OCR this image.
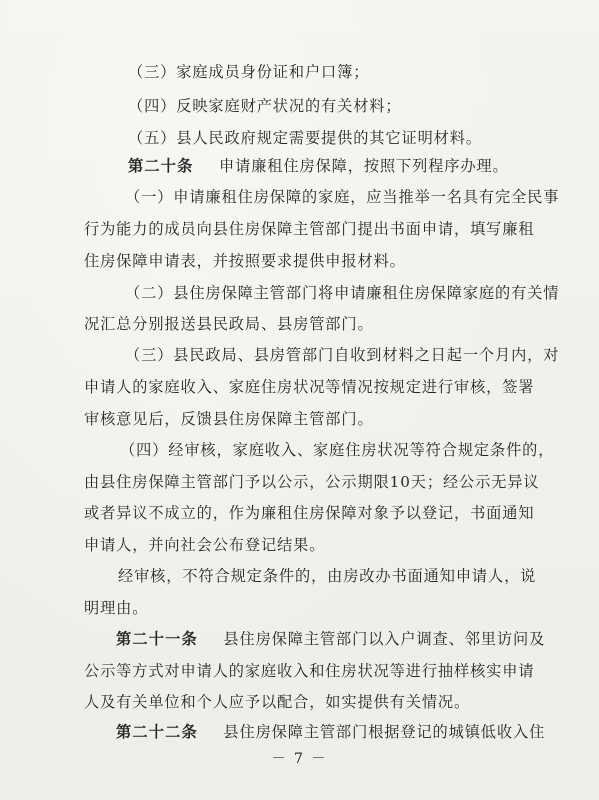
（三）家庭成员身份证和户口簿；
（四）反映家庭财产状况的有关材料；
（五）县人民政府规定需要提供的其它证明材料。
第二十条 申请廉租住房保障，按照下列程序办理。
（一）申请廉租住房保障的家庭，应当推举一名具有完全民事
行为能力的成员向县住房保障主管部门提出书面申请，填写廉租
住房保障申请表，并按照要求提供申报材料。
（二）县住房保障主管部门将申请廉租住房保障家庭的有关情
况汇总分别报送县民政局、县房管部门。
（三）县民政局、县房管部门自收到材料之日起一个月内，对
申请人的家庭收入、家庭住房状况等情况按规定进行审核，签署
审核意见后，反馈县住房保障主管部门。
（四）经审核，家庭收入、家庭住房状况等符合规定条件的，
由县住房保障主管部门予以公示，公示期限10天；经公示无异议
或者异议不成立的，作为廉租住房保障对象予以登记，书面通知
申请人，并向社会公布登记结果。
经审核，不符合规定条件的，由房改办书面通知申请人，说
明理由。
第二十一条 县住房保障主管部门以入户调查、邻里访问及
公示等方式对申请人的家庭收入和住房状况等进行抽样核实申请
人及有关单位和个人应予以配合，如实提供有关情况。
第二十二条 县住房保障主管部门根据登记的城镇低收入住
－ 7 －
